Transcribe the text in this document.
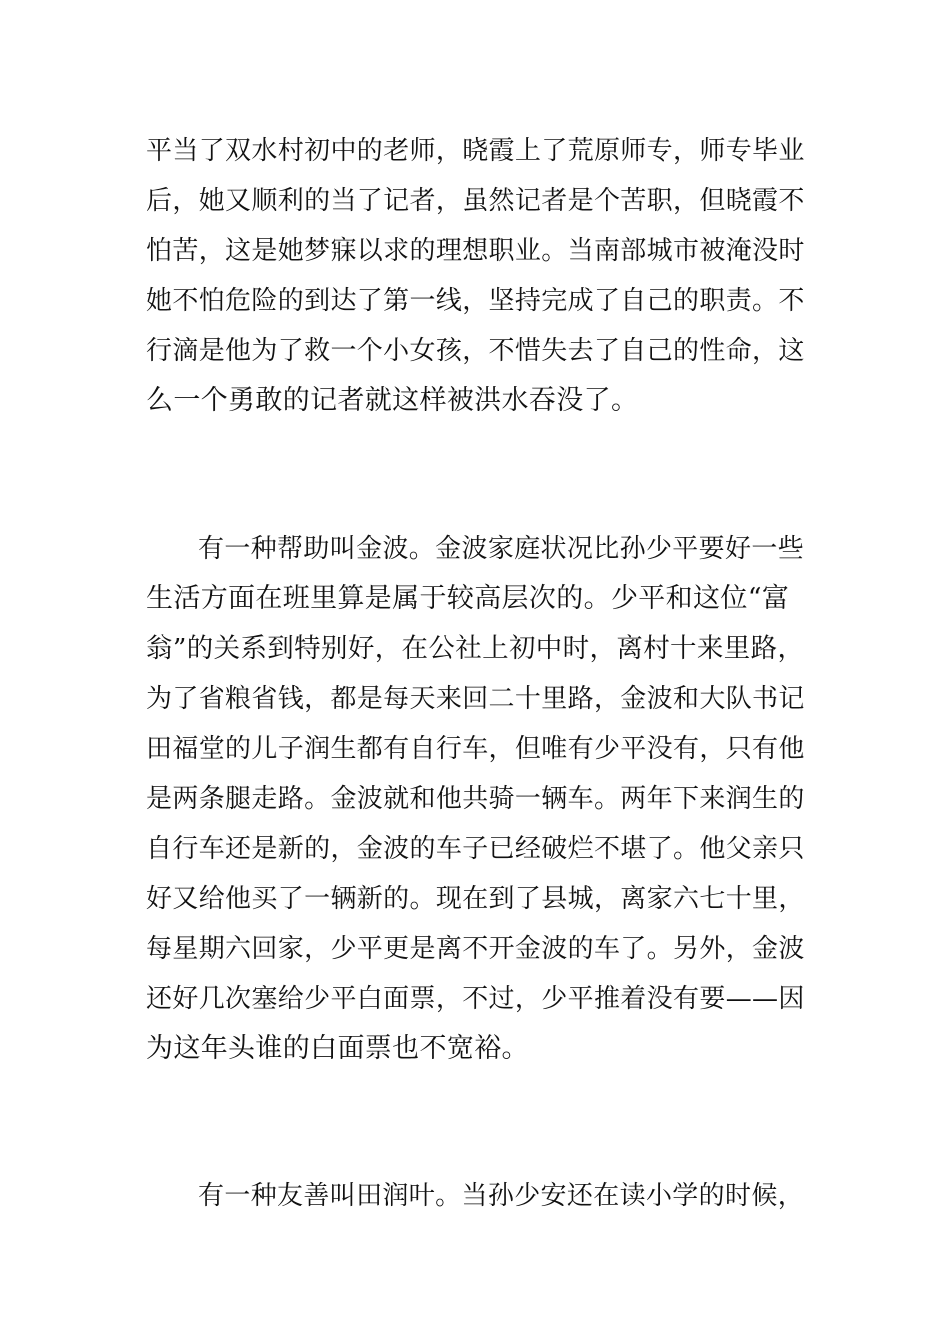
平当了双水村初中的老师，晓霞上了荒原师专，师专毕业
后，她又顺利的当了记者，虽然记者是个苦职，但晓霞不
怕苦，这是她梦寐以求的理想职业。当南部城市被淹没时
她不怕危险的到达了第一线，坚持完成了自己的职责。不
行滴是他为了救一个小女孩，不惜失去了自己的性命，这
么一个勇敢的记者就这样被洪水吞没了。
有一种帮助叫金波。金波家庭状况比孙少平要好一些
生活方面在班里算是属于较高层次的。少平和这位“富
翁”的关系到特别好，在公社上初中时，离村十来里路，
为了省粮省钱，都是每天来回二十里路，金波和大队书记
田福堂的儿子润生都有自行车，但唯有少平没有，只有他
是两条腿走路。金波就和他共骑一辆车。两年下来润生的
自行车还是新的，金波的车子已经破烂不堪了。他父亲只
好又给他买了一辆新的。现在到了县城，离家六七十里，
每星期六回家，少平更是离不开金波的车了。另外，金波
还好几次塞给少平白面票，不过，少平推着没有要——因
为这年头谁的白面票也不宽裕。
有一种友善叫田润叶。当孙少安还在读小学的时候，
